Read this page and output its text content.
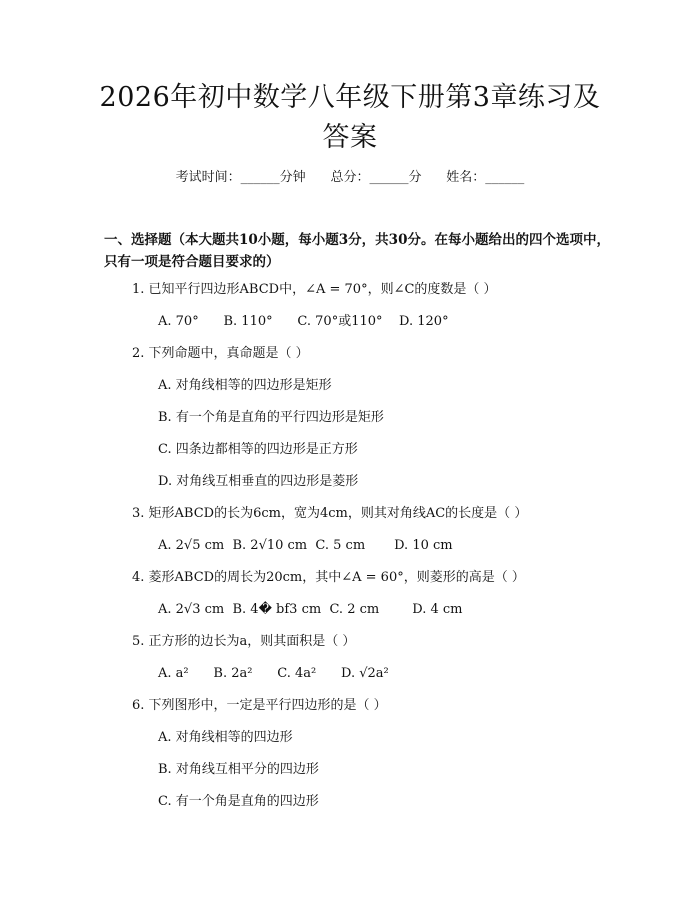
2026年初中数学八年级下册第3章练习及答案
考试时间：______分钟 总分：______分 姓名：______
一、选择题（本大题共10小题，每小题3分，共30分。在每小题给出的四个选项中，只有一项是符合题目要求的）
1. 已知平行四边形ABCD中，∠A = 70°，则∠C的度数是（ ）
A. 70°      B. 110°      C. 70°或110°    D. 120°
2. 下列命题中，真命题是（ ）
A. 对角线相等的四边形是矩形
B. 有一个角是直角的平行四边形是矩形
C. 四条边都相等的四边形是正方形
D. 对角线互相垂直的四边形是菱形
3. 矩形ABCD的长为6cm，宽为4cm，则其对角线AC的长度是（ ）
A. 2√5 cm  B. 2√10 cm  C. 5 cm       D. 10 cm
4. 菱形ABCD的周长为20cm，其中∠A = 60°，则菱形的高是（ ）
A. 2√3 cm  B. 4� bf3 cm  C. 2 cm        D. 4 cm
5. 正方形的边长为a，则其面积是（ ）
A. a²      B. 2a²      C. 4a²      D. √2a²
6. 下列图形中，一定是平行四边形的是（ ）
A. 对角线相等的四边形
B. 对角线互相平分的四边形
C. 有一个角是直角的四边形
